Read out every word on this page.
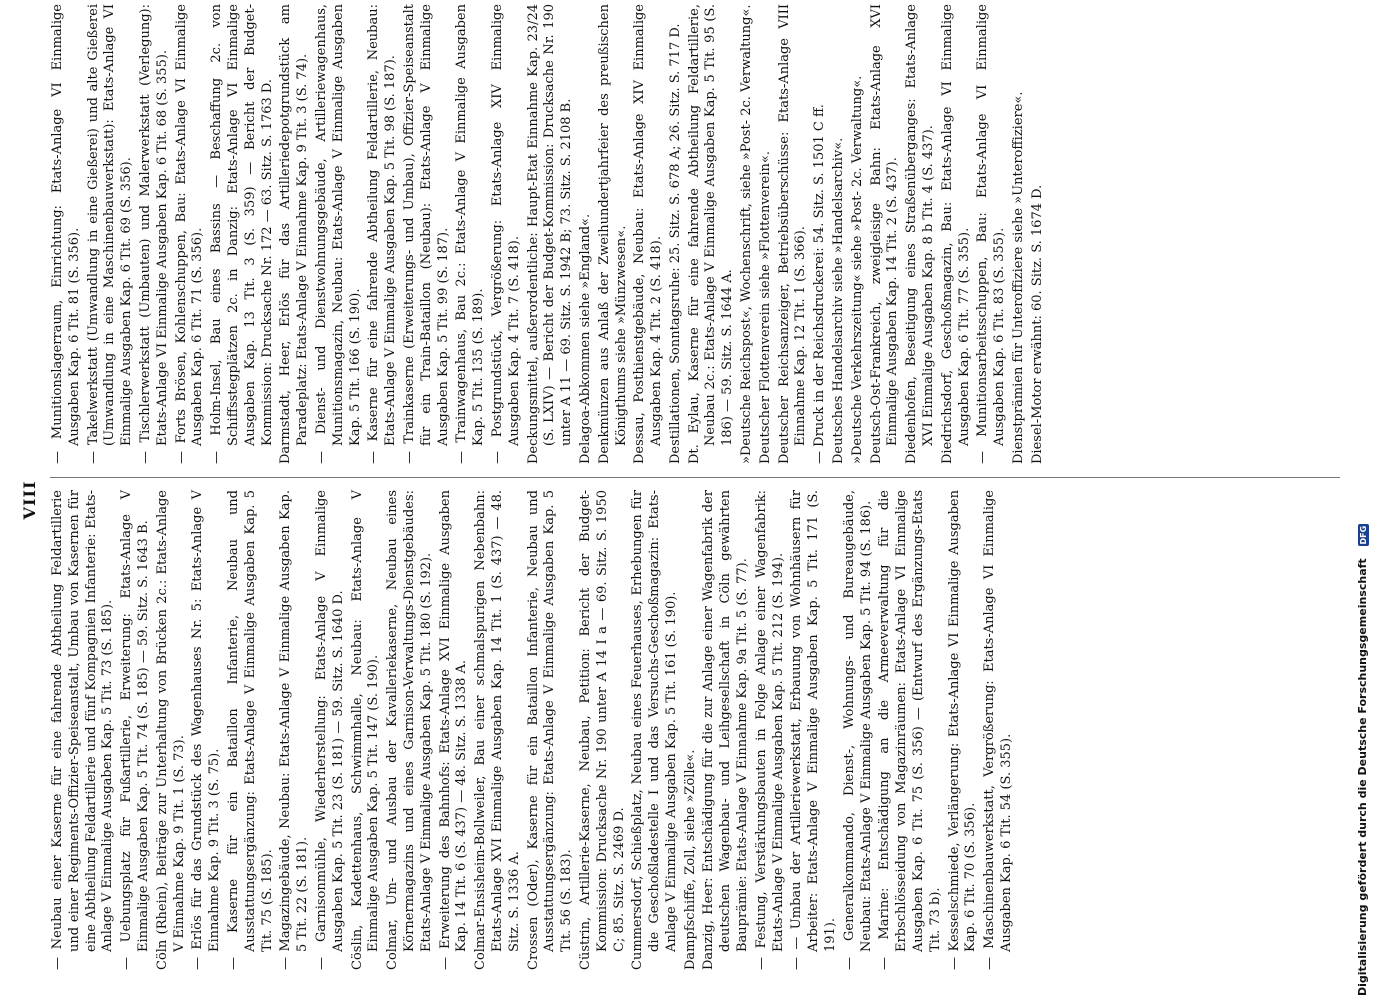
VIII

— Neubau einer Kaserne für eine fahrende Abtheilung Feldartillerie und einer Regiments-Offizier-Speiseanstalt, Umbau von Kasernen für eine Abtheilung Feldartillerie und fünf Kompagnien Infanterie: Etats-Anlage V Einmalige Ausgaben Kap. 5 Tit. 73 (S. 185).

— Uebungsplatz für Fußartillerie, Erweiterung: Etats-Anlage V Einmalige Ausgaben Kap. 5 Tit. 74 (S. 185) — 59. Sitz. S. 1643 B. Cöln (Rhein), Beiträge zur Unterhaltung von Brücken 2c.: Etats-Anlage V Einnahme Kap. 9 Tit. 1 (S. 73).

— Erlös für das Grundstück des Wagenhauses Nr. 5: Etats-Anlage V Einnahme Kap. 9 Tit. 3 (S. 75). — Kaserne für ein Bataillon Infanterie, Neubau und Ausstattungsergänzung: Etats-Anlage V Einmalige Ausgaben Kap. 5 Tit. 75 (S. 185).

— Magazingebäude, Neubau: Etats-Anlage V Einmalige Ausgaben Kap. 5 Tit. 22 (S. 181).

— Garnisonmühle, Wiederherstellung: Etats-Anlage V Einmalige Ausgaben Kap. 5 Tit. 23 (S. 181) — 59. Sitz. S. 1640 D. Cöslin, Kadettenhaus, Schwimmhalle, Neubau: Etats-Anlage V Einmalige Ausgaben Kap. 5 Tit. 147 (S. 190). Colmar, Um- und Ausbau der Kavalleriekaserne, Neubau eines Körnermagazins und eines Garnison-Verwaltungs-Dienstgebäudes: Etats-Anlage V Einmalige Ausgaben Kap. 5 Tit. 180 (S. 192).

— Erweiterung des Bahnhofs: Etats-Anlage XVI Einmalige Ausgaben Kap. 14 Tit. 6 (S. 437) — 48. Sitz. S. 1338 A. Colmar-Ensisheim-Bollweiler, Bau einer schmalspurigen Nebenbahn: Etats-Anlage XVI Einmalige Ausgaben Kap. 14 Tit. 1 (S. 437) — 48. Sitz. S. 1336 A. Crossen (Oder), Kaserne für ein Bataillon Infanterie, Neubau und Ausstattungsergänzung: Etats-Anlage V Einmalige Ausgaben Kap. 5 Tit. 56 (S. 183). Cüstrin, Artillerie-Kaserne, Neubau, Petition: Bericht der Budget-Kommission: Drucksache Nr. 190 unter A 14 I a — 69. Sitz. S. 1950 C; 85. Sitz. S. 2469 D. Cummersdorf, Schießplatz, Neubau eines Feuerhauses, Erhebungen für die Geschoßladestelle I und das Versuchs-Geschoßmagazin: Etats-Anlage V Einmalige Ausgaben Kap. 5 Tit. 161 (S. 190). Dampfschiffe, Zoll, siehe »Zölle«. Danzig, Heer: Entschädigung für die zur Anlage einer Wagenfabrik der deutschen Wagenbau- und Leihgesellschaft in Cöln gewährten Bauprämie: Etats-Anlage V Einnahme Kap. 9a Tit. 5 (S. 77).

— Festung, Verstärkungsbauten in Folge Anlage einer Wagenfabrik: Etats-Anlage V Einmalige Ausgaben Kap. 5 Tit. 212 (S. 194).

— — Umbau der Artilleriewerkstatt, Erbauung von Wohnhäusern für Arbeiter: Etats-Anlage V Einmalige Ausgaben Kap. 5 Tit. 171 (S. 191).

— Generalkommando, Dienst-, Wohnungs- und Bureaugebäude, Neubau: Etats-Anlage V Einmalige Ausgaben Kap. 5 Tit. 94 (S. 186).

— Marine: Entschädigung an die Armeeverwaltung für die Erbschlösseidung von Magazinräumen: Etats-Anlage VI Einmalige Ausgaben Kap. 6 Tit. 75 (S. 356) — (Entwurf des Ergänzungs-Etats Tit. 73 b).

— Kesselschmiede, Verlängerung: Etats-Anlage VI Einmalige Ausgaben Kap. 6 Tit. 70 (S. 356).

— Maschinenbauwerkstatt, Vergrößerung: Etats-Anlage VI Einmalige Ausgaben Kap. 6 Tit. 54 (S. 355).

— Munitionslagerraum, Einrichtung: Etats-Anlage VI Einmalige Ausgaben Kap. 6 Tit. 81 (S. 356).

— Takelwerkstatt (Umwandlung in eine Gießerei) und alte Gießerei (Umwandlung in eine Maschinenbauwerkstatt): Etats-Anlage VI Einmalige Ausgaben Kap. 6 Tit. 69 (S. 356).

— Tischlerwerkstatt (Umbauten) und Malerwerkstatt (Verlegung): Etats-Anlage VI Einmalige Ausgaben Kap. 6 Tit. 68 (S. 355).

— Forts Brösen, Kohlenschuppen, Bau: Etats-Anlage VI Einmalige Ausgaben Kap. 6 Tit. 71 (S. 356).

— Holm-Insel, Bau eines Bassins — Beschaffung 2c. von Schiffsstegplätzen 2c. in Danzig: Etats-Anlage VI Einmalige Ausgaben Kap. 13 Tit. 3 (S. 359) — Bericht der Budget-Kommission: Drucksache Nr. 172 — 63. Sitz. S. 1763 D. Darmstadt, Heer, Erlös für das Artilleriedepotgrundstück am Paradeplatz: Etats-Anlage V Einnahme Kap. 9 Tit. 3 (S. 74).

— Dienst- und Dienstwohnungsgebäude, Artilleriewagenhaus, Munitionsmagazin, Neubau: Etats-Anlage V Einmalige Ausgaben Kap. 5 Tit. 166 (S. 190).

— Kaserne für eine fahrende Abtheilung Feldartillerie, Neubau: Etats-Anlage V Einmalige Ausgaben Kap. 5 Tit. 98 (S. 187).

— Trainkaserne (Erweiterungs- und Umbau), Offizier-Speiseanstalt für ein Train-Bataillon (Neubau): Etats-Anlage V Einmalige Ausgaben Kap. 5 Tit. 99 (S. 187).

— Trainwagenhaus, Bau 2c.: Etats-Anlage V Einmalige Ausgaben Kap. 5 Tit. 135 (S. 189).

— Postgrundstück, Vergrößerung: Etats-Anlage XIV Einmalige Ausgaben Kap. 4 Tit. 7 (S. 418). Deckungsmittel, außerordentliche: Haupt-Etat Einnahme Kap. 23/24 (S. LXIV) — Bericht der Budget-Kommission: Drucksache Nr. 190 unter A 11 — 69. Sitz. S. 1942 B; 73. Sitz. S. 2108 B. Delagoa-Abkommen siehe »England«. Denkmünzen aus Anlaß der Zweihundertjahrfeier des preußischen Königthums siehe »Münzwesen«. Dessau, Posthienstgebäude, Neubau: Etats-Anlage XIV Einmalige Ausgaben Kap. 4 Tit. 2 (S. 418). Destillationen, Sonntagsruhe: 25. Sitz. S. 678 A; 26. Sitz. S. 717 D. Dt. Eylau, Kaserne für eine fahrende Abtheilung Feldartillerie, Neubau 2c.: Etats-Anlage V Einmalige Ausgaben Kap. 5 Tit. 95 (S. 186) — 59. Sitz. S. 1644 A. »Deutsche Reichspost«, Wochenschrift, siehe »Post- 2c. Verwaltung«. Deutscher Flottenverein siehe »Flottenverein«. Deutscher Reichsanzeiger, Betriebsüberschüsse: Etats-Anlage VIII Einnahme Kap. 12 Tit. 1 (S. 366).

— Druck in der Reichsdruckerei: 54. Sitz. S. 1501 C ff. Deutsches Handelsarchiv siehe »Handelsarchiv«. »Deutsche Verkehrszeitung« siehe »Post- 2c. Verwaltung«. Deutsch-Ost-Frankreich, zweigleisige Bahn: Etats-Anlage XVI Einmalige Ausgaben Kap. 14 Tit. 2 (S. 437). Diedenhofen, Beseitigung eines Straßenüberganges: Etats-Anlage XVI Einmalige Ausgaben Kap. 8 b Tit. 4 (S. 437). Diedrichsdorf, Geschoßmagazin, Bau: Etats-Anlage VI Einmalige Ausgaben Kap. 6 Tit. 77 (S. 355).

— Munitionsarbeitsschuppen, Bau: Etats-Anlage VI Einmalige Ausgaben Kap. 6 Tit. 83 (S. 355). Dienstprämien für Unteroffiziere siehe »Unteroffiziere«. Diesel-Motor erwähnt: 60. Sitz. S. 1674 D.

Digitalisierung gefördert durch die Deutsche Forschungsgemeinschaft DFG
